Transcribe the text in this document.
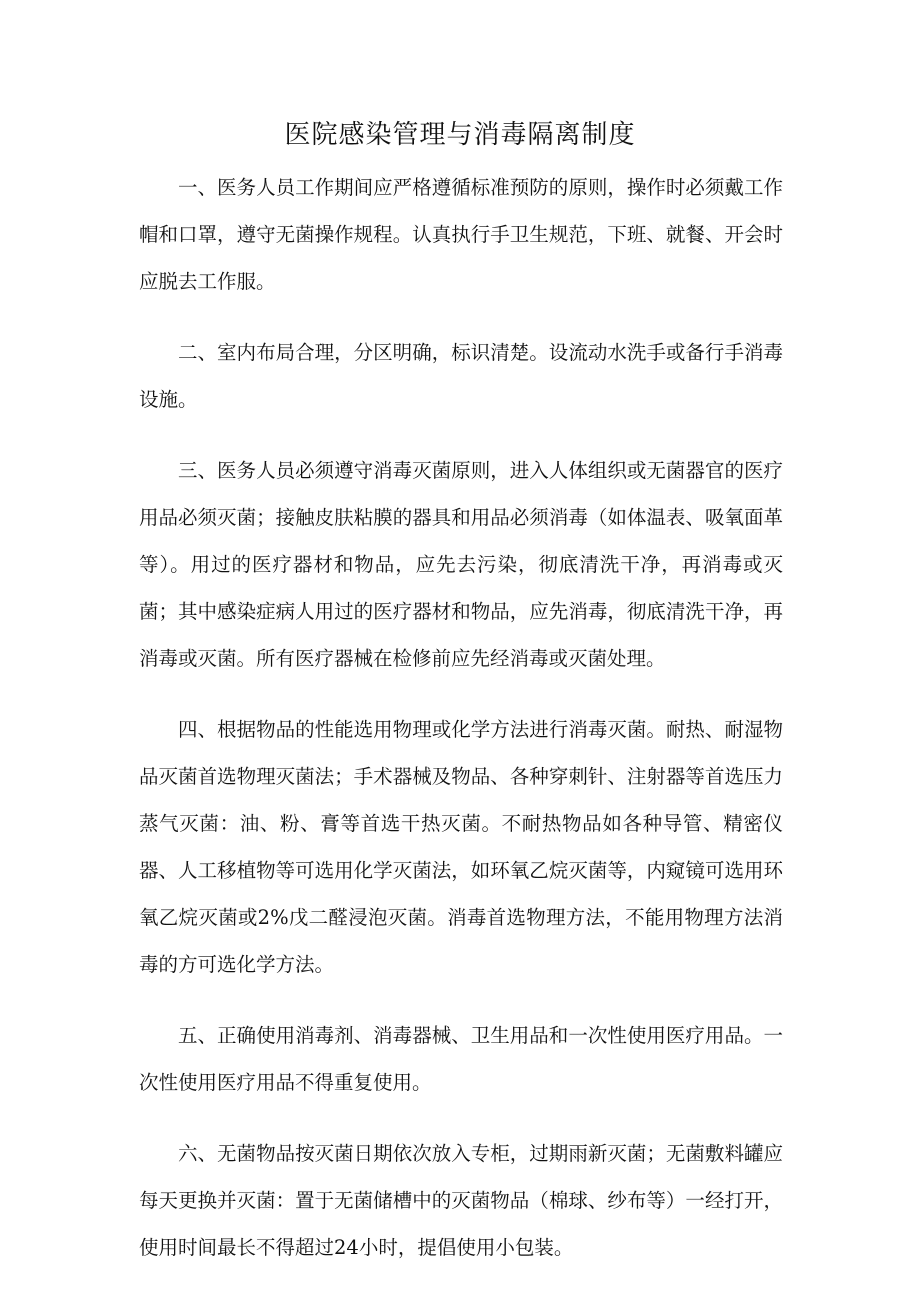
医院感染管理与消毒隔离制度

一、医务人员工作期间应严格遵循标准预防的原则，操作时必须戴工作帽和口罩，遵守无菌操作规程。认真执行手卫生规范，下班、就餐、开会时应脱去工作服。

二、室内布局合理，分区明确，标识清楚。设流动水洗手或备行手消毒设施。

三、医务人员必须遵守消毒灭菌原则，进入人体组织或无菌器官的医疗用品必须灭菌；接触皮肤粘膜的器具和用品必须消毒（如体温表、吸氧面革等）。用过的医疗器材和物品，应先去污染，彻底清洗干净，再消毒或灭菌；其中感染症病人用过的医疗器材和物品，应先消毒，彻底清洗干净，再消毒或灭菌。所有医疗器械在检修前应先经消毒或灭菌处理。

四、根据物品的性能选用物理或化学方法进行消毒灭菌。耐热、耐湿物品灭菌首选物理灭菌法；手术器械及物品、各种穿刺针、注射器等首选压力蒸气灭菌：油、粉、膏等首选干热灭菌。不耐热物品如各种导管、精密仪器、人工移植物等可选用化学灭菌法，如环氧乙烷灭菌等，内窥镜可选用环氧乙烷灭菌或2%戊二醛浸泡灭菌。消毒首选物理方法，不能用物理方法消毒的方可选化学方法。

五、正确使用消毒剂、消毒器械、卫生用品和一次性使用医疗用品。一次性使用医疗用品不得重复使用。

六、无菌物品按灭菌日期依次放入专柜，过期雨新灭菌；无菌敷料罐应每天更换并灭菌：置于无菌储槽中的灭菌物品（棉球、纱布等）一经打开，使用时间最长不得超过24小时，提倡使用小包装。
